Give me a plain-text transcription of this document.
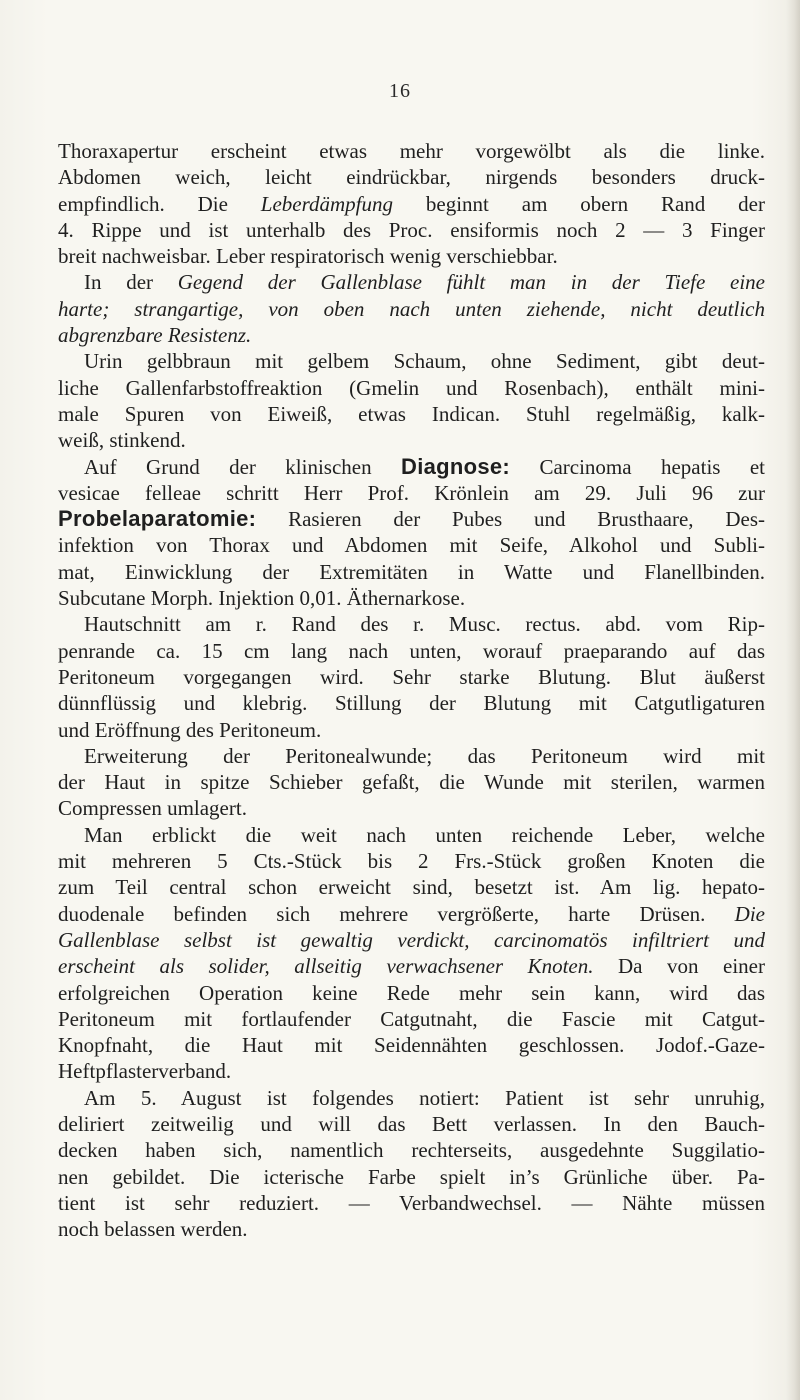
16
Thoraxapertur erscheint etwas mehr vorgewölbt als die linke.
Abdomen weich, leicht eindrückbar, nirgends besonders druck-
empfindlich. Die Leberdämpfung beginnt am obern Rand der
4. Rippe und ist unterhalb des Proc. ensiformis noch 2 — 3 Finger
breit nachweisbar. Leber respiratorisch wenig verschiebbar.
In der Gegend der Gallenblase fühlt man in der Tiefe eine
harte; strangartige, von oben nach unten ziehende, nicht deutlich
abgrenzbare Resistenz.
Urin gelbbraun mit gelbem Schaum, ohne Sediment, gibt deut-
liche Gallenfarbstoffreaktion (Gmelin und Rosenbach), enthält mini-
male Spuren von Eiweiß, etwas Indican. Stuhl regelmäßig, kalk-
weiß, stinkend.
Auf Grund der klinischen Diagnose: Carcinoma hepatis et
vesicae felleae schritt Herr Prof. Krönlein am 29. Juli 96 zur
Probelaparatomie: Rasieren der Pubes und Brusthaare, Des-
infektion von Thorax und Abdomen mit Seife, Alkohol und Subli-
mat, Einwicklung der Extremitäten in Watte und Flanellbinden.
Subcutane Morph. Injektion 0,01. Äthernarkose.
Hautschnitt am r. Rand des r. Musc. rectus. abd. vom Rip-
penrande ca. 15 cm lang nach unten, worauf praeparando auf das
Peritoneum vorgegangen wird. Sehr starke Blutung. Blut äußerst
dünnflüssig und klebrig. Stillung der Blutung mit Catgutligaturen
und Eröffnung des Peritoneum.
Erweiterung der Peritonealwunde; das Peritoneum wird mit
der Haut in spitze Schieber gefaßt, die Wunde mit sterilen, warmen
Compressen umlagert.
Man erblickt die weit nach unten reichende Leber, welche
mit mehreren 5 Cts.-Stück bis 2 Frs.-Stück großen Knoten die
zum Teil central schon erweicht sind, besetzt ist. Am lig. hepato-
duodenale befinden sich mehrere vergrößerte, harte Drüsen. Die
Gallenblase selbst ist gewaltig verdickt, carcinomatös infiltriert und
erscheint als solider, allseitig verwachsener Knoten. Da von einer
erfolgreichen Operation keine Rede mehr sein kann, wird das
Peritoneum mit fortlaufender Catgutnaht, die Fascie mit Catgut-
Knopfnaht, die Haut mit Seidennähten geschlossen. Jodof.-Gaze-
Heftpflasterverband.
Am 5. August ist folgendes notiert: Patient ist sehr unruhig,
deliriert zeitweilig und will das Bett verlassen. In den Bauch-
decken haben sich, namentlich rechterseits, ausgedehnte Suggilatio-
nen gebildet. Die icterische Farbe spielt in’s Grünliche über. Pa-
tient ist sehr reduziert. — Verbandwechsel. — Nähte müssen
noch belassen werden.
